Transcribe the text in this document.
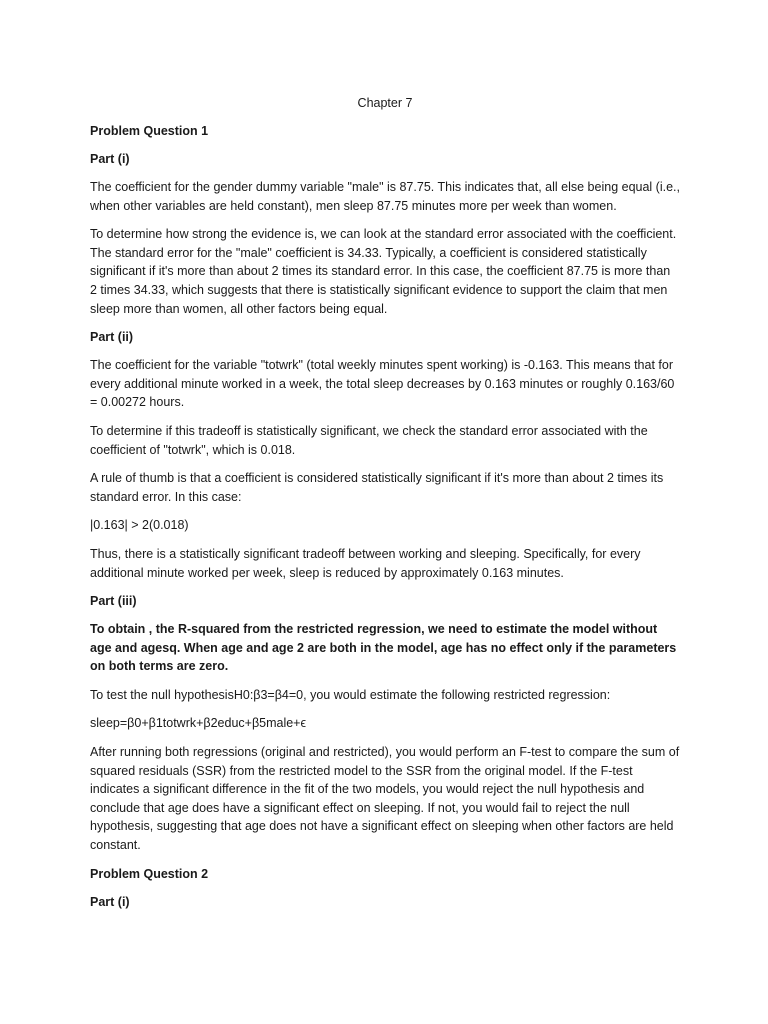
Chapter 7
Problem Question 1
Part (i)

The coefficient for the gender dummy variable "male" is 87.75. This indicates that, all else being equal (i.e., when other variables are held constant), men sleep 87.75 minutes more per week than women.

To determine how strong the evidence is, we can look at the standard error associated with the coefficient. The standard error for the "male" coefficient is 34.33. Typically, a coefficient is considered statistically significant if it's more than about 2 times its standard error. In this case, the coefficient 87.75 is more than 2 times 34.33, which suggests that there is statistically significant evidence to support the claim that men sleep more than women, all other factors being equal.

Part (ii)

The coefficient for the variable "totwrk" (total weekly minutes spent working) is -0.163. This means that for every additional minute worked in a week, the total sleep decreases by 0.163 minutes or roughly 0.163/60 = 0.00272 hours.

To determine if this tradeoff is statistically significant, we check the standard error associated with the coefficient of "totwrk", which is 0.018.

A rule of thumb is that a coefficient is considered statistically significant if it's more than about 2 times its standard error. In this case:

|0.163| > 2(0.018)

Thus, there is a statistically significant tradeoff between working and sleeping. Specifically, for every additional minute worked per week, sleep is reduced by approximately 0.163 minutes.

Part (iii)

To obtain , the R-squared from the restricted regression, we need to estimate the model without age and agesq. When age and age 2 are both in the model, age has no effect only if the parameters on both terms are zero.

To test the null hypothesisH0:β3=β4=0, you would estimate the following restricted regression:

sleep=β0+β1totwrk+β2educ+β5male+ϵ

After running both regressions (original and restricted), you would perform an F-test to compare the sum of squared residuals (SSR) from the restricted model to the SSR from the original model. If the F-test indicates a significant difference in the fit of the two models, you would reject the null hypothesis and conclude that age does have a significant effect on sleeping. If not, you would fail to reject the null hypothesis, suggesting that age does not have a significant effect on sleeping when other factors are held constant.

Problem Question 2
Part (i)
